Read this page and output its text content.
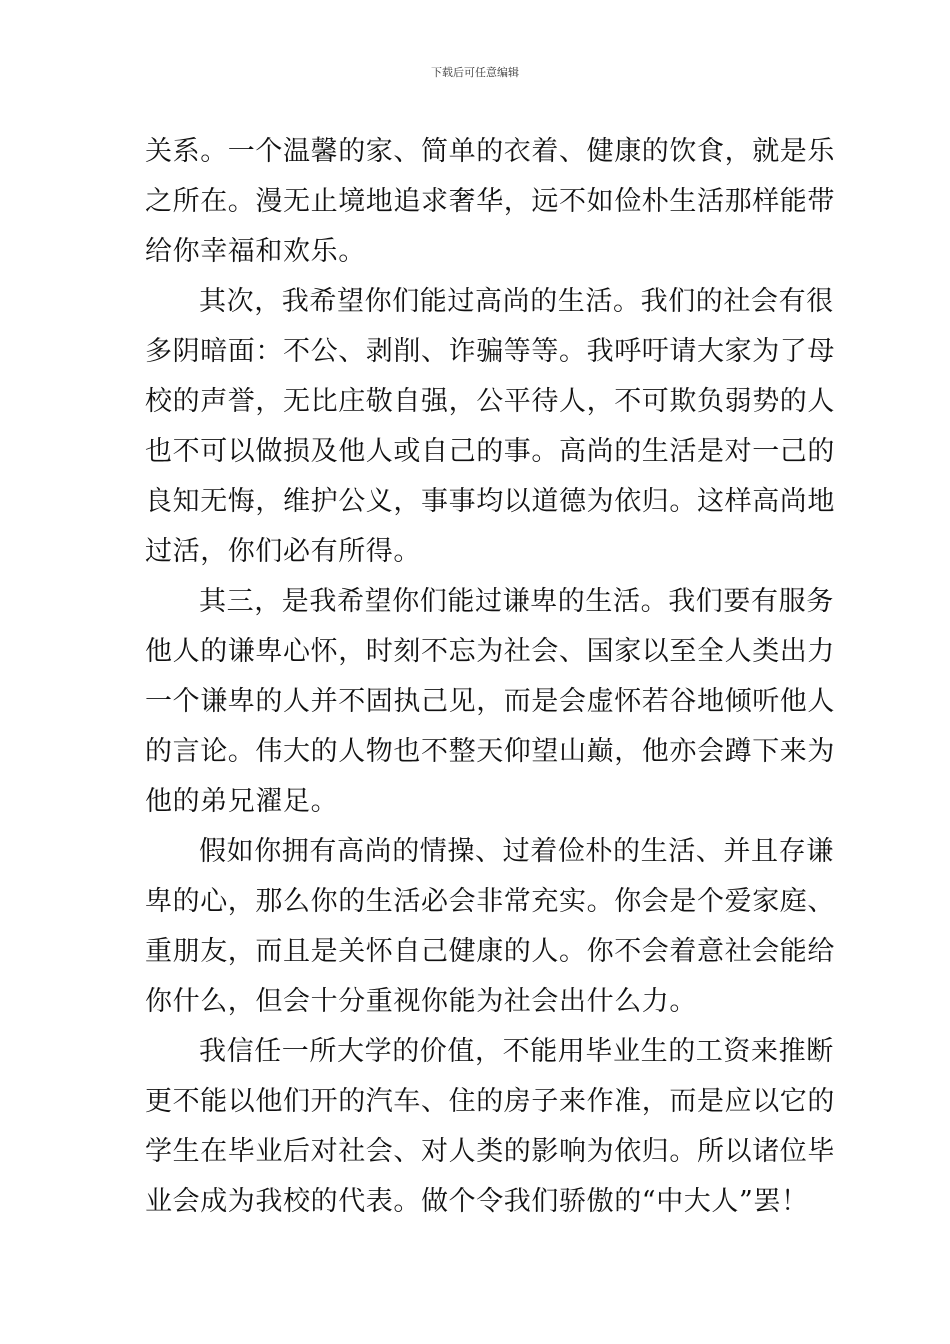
下载后可任意编辑

关系。一个温馨的家、简单的衣着、健康的饮食，就是乐
之所在。漫无止境地追求奢华，远不如俭朴生活那样能带
给你幸福和欢乐。

其次，我希望你们能过高尚的生活。我们的社会有很
多阴暗面：不公、剥削、诈骗等等。我呼吁请大家为了母
校的声誉，无比庄敬自强，公平待人，不可欺负弱势的人
也不可以做损及他人或自己的事。高尚的生活是对一己的
良知无悔，维护公义，事事均以道德为依归。这样高尚地
过活，你们必有所得。

其三，是我希望你们能过谦卑的生活。我们要有服务
他人的谦卑心怀，时刻不忘为社会、国家以至全人类出力
一个谦卑的人并不固执己见，而是会虚怀若谷地倾听他人
的言论。伟大的人物也不整天仰望山巅，他亦会蹲下来为
他的弟兄濯足。

假如你拥有高尚的情操、过着俭朴的生活、并且存谦
卑的心，那么你的生活必会非常充实。你会是个爱家庭、
重朋友，而且是关怀自己健康的人。你不会着意社会能给
你什么，但会十分重视你能为社会出什么力。

我信任一所大学的价值，不能用毕业生的工资来推断
更不能以他们开的汽车、住的房子来作准，而是应以它的
学生在毕业后对社会、对人类的影响为依归。所以诸位毕
业会成为我校的代表。做个令我们骄傲的“中大人”罢！
